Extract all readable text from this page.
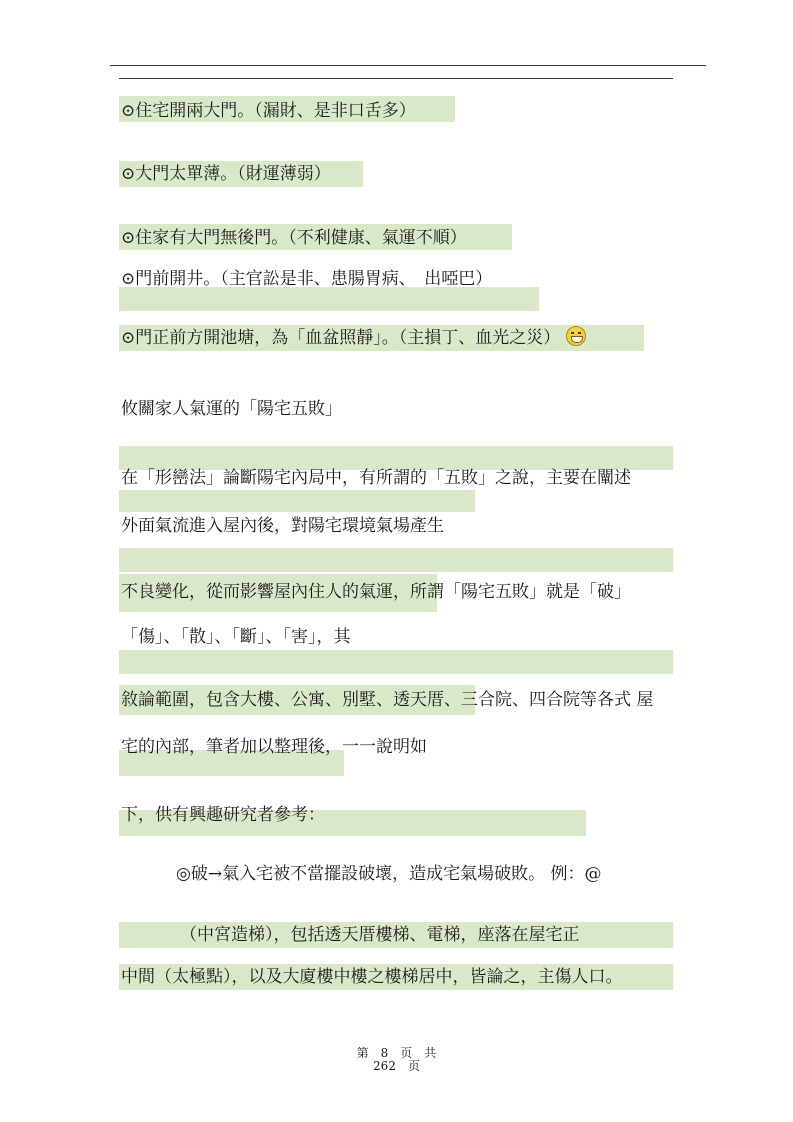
⊙住宅開兩大門。（漏財、是非口舌多）
⊙大門太單薄。（財運薄弱）
⊙住家有大門無後門。（不利健康、氣運不順）
⊙門前開井。（主官訟是非、患腸胃病、　出啞巴）
⊙門正前方開池塘，為「血盆照靜」。（主損丁、血光之災）
攸關家人氣運的「陽宅五敗」
在「形巒法」論斷陽宅內局中，有所謂的「五敗」之說，主要在闡述
外面氣流進入屋內後，對陽宅環境氣場產生
不良變化，從而影響屋內住人的氣運，所謂「陽宅五敗」就是「破」
「傷」、「散」、「斷」、「害」，其
敘論範圍，包含大樓、公寓、別墅、透天厝、三合院、四合院等各式 屋
宅的內部，筆者加以整理後，一一說明如
下，供有興趣研究者參考：
◎破→氣入宅被不當擺設破壞，造成宅氣場破敗。 例：@
（中宮造梯），包括透天厝樓梯、電梯，座落在屋宅正
中間（太極點），以及大廈樓中樓之樓梯居中，皆論之，主傷人口。
第　8　页　共
262　页
